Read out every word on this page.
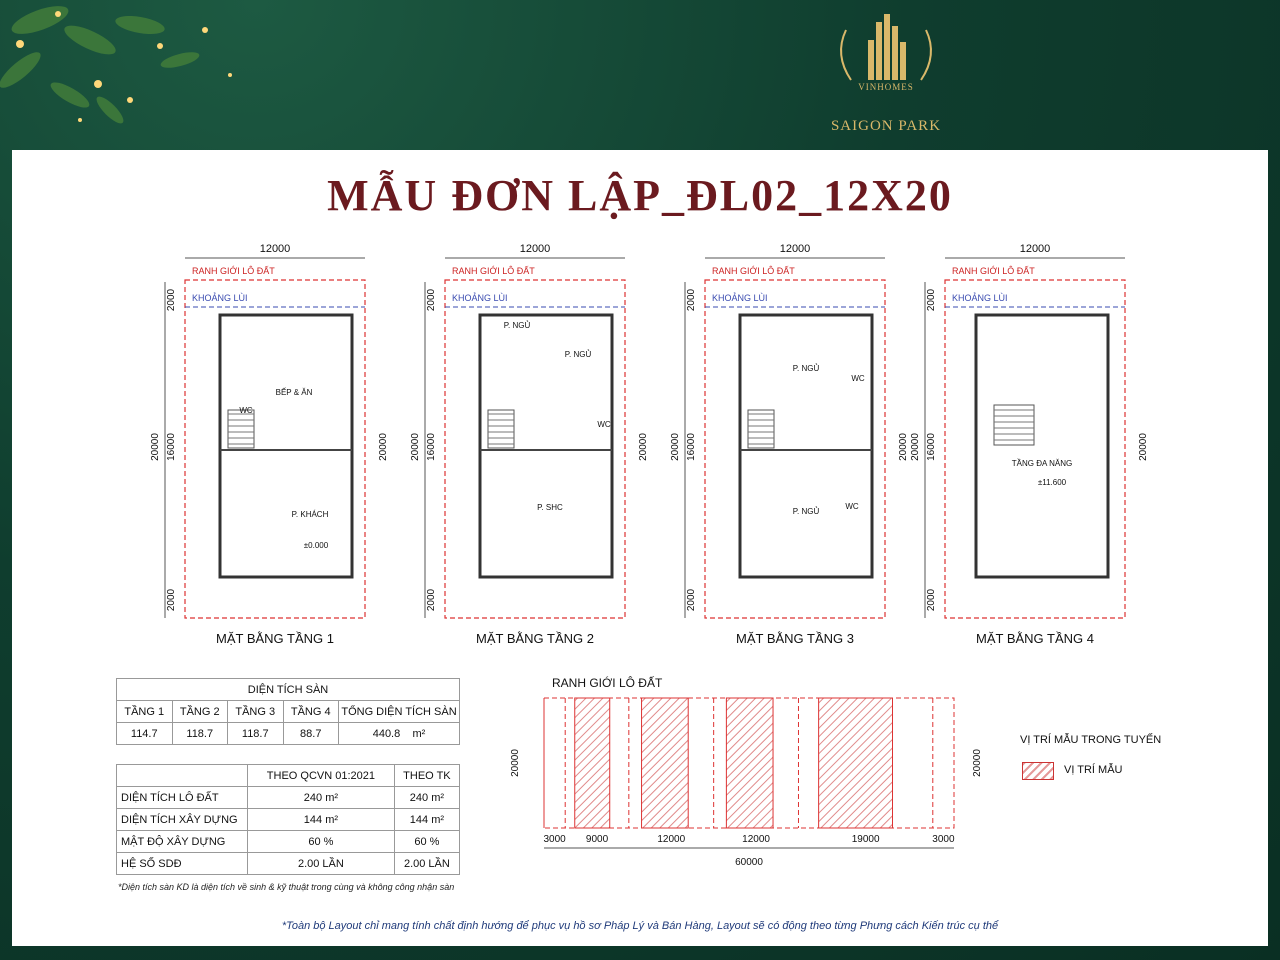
VINHOMES
SAIGON PARK
MẪU ĐƠN LẬP_ĐL02_12X20
12000
RANH GIỚI LÔ ĐẤT
KHOẢNG LÙI
2000
16000
2000
20000	20000
BẾP & ĂN
WC
P. KHÁCH
±0.000
MẶT BẰNG TẦNG 1
12000
RANH GIỚI LÔ ĐẤT
KHOẢNG LÙI
2000
16000
2000
20000	20000
P. NGỦ
P. NGỦ
WC
P. SHC
MẶT BẰNG TẦNG 2
12000
RANH GIỚI LÔ ĐẤT
KHOẢNG LÙI
2000
16000
2000
20000	20000
P. NGỦ
WC
P. NGỦ
WC
MẶT BẰNG TẦNG 3
12000
RANH GIỚI LÔ ĐẤT
KHOẢNG LÙI
2000
16000
2000
20000	20000
TẦNG ĐA NĂNG
±11.600
MẶT BẰNG TẦNG 4
DIỆN TÍCH SÀN				
TẦNG 1	TẦNG 2	TẦNG 3	TẦNG 4	TỔNG DIỆN TÍCH SÀN
114.7	118.7	118.7	88.7	440.8 m²
	THEO QCVN 01:2021	THEO TK
DIỆN TÍCH LÔ ĐẤT	240 m²	240 m²
DIỆN TÍCH XÂY DỰNG	144 m²	144 m²
MẬT ĐỘ XÂY DỰNG	60 %	60 %
HỆ SỐ SDĐ	2.00 LẦN	2.00 LẦN
*Diện tích sàn KD là diện tích về sinh & kỹ thuật trong cùng và không công nhận sàn
RANH GIỚI LÔ ĐẤT
3000 9000	12000	12000	19000	3000
60000
20000	20000
VỊ TRÍ MẪU TRONG TUYẾN
VỊ TRÍ MẪU
*Toàn bộ Layout chỉ mang tính chất định hướng để phục vụ hồ sơ Pháp Lý và Bán Hàng, Layout sẽ có động theo từng Phưng cách Kiến trúc cụ thể
